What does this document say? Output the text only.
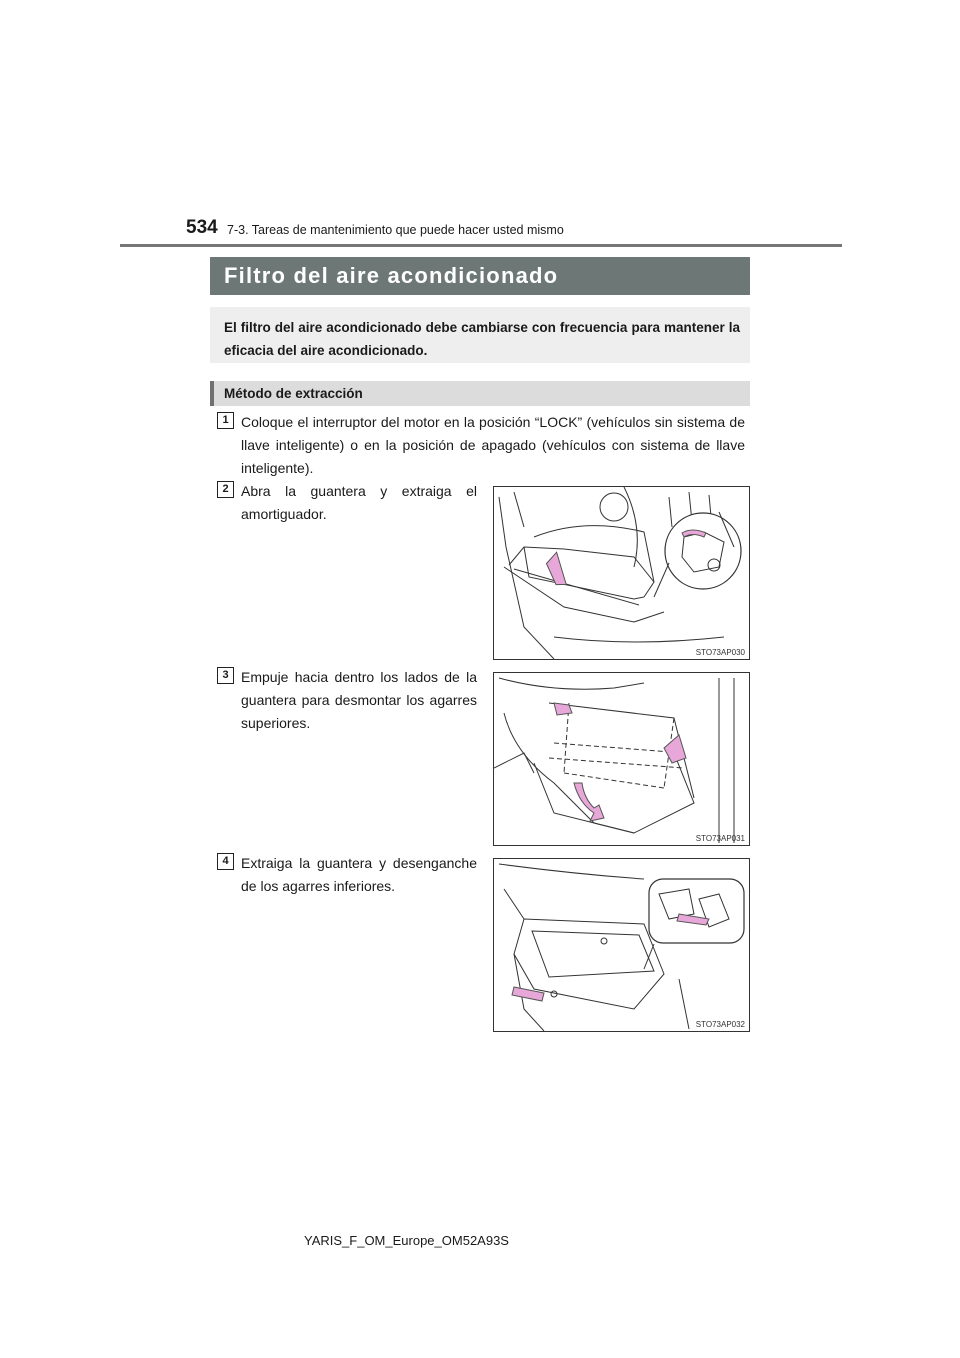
534 7-3. Tareas de mantenimiento que puede hacer usted mismo
Filtro del aire acondicionado
El filtro del aire acondicionado debe cambiarse con frecuencia para mantener la eficacia del aire acondicionado.
Método de extracción
1 Coloque el interruptor del motor en la posición “LOCK” (vehículos sin sistema de llave inteligente) o en la posición de apagado (vehículos con sistema de llave inteligente).
2 Abra la guantera y extraiga el amortiguador.
STO73AP030
3 Empuje hacia dentro los lados de la guantera para desmontar los agarres superiores.
STO73AP031
4 Extraiga la guantera y desenganche de los agarres inferiores.
STO73AP032
YARIS_F_OM_Europe_OM52A93S
